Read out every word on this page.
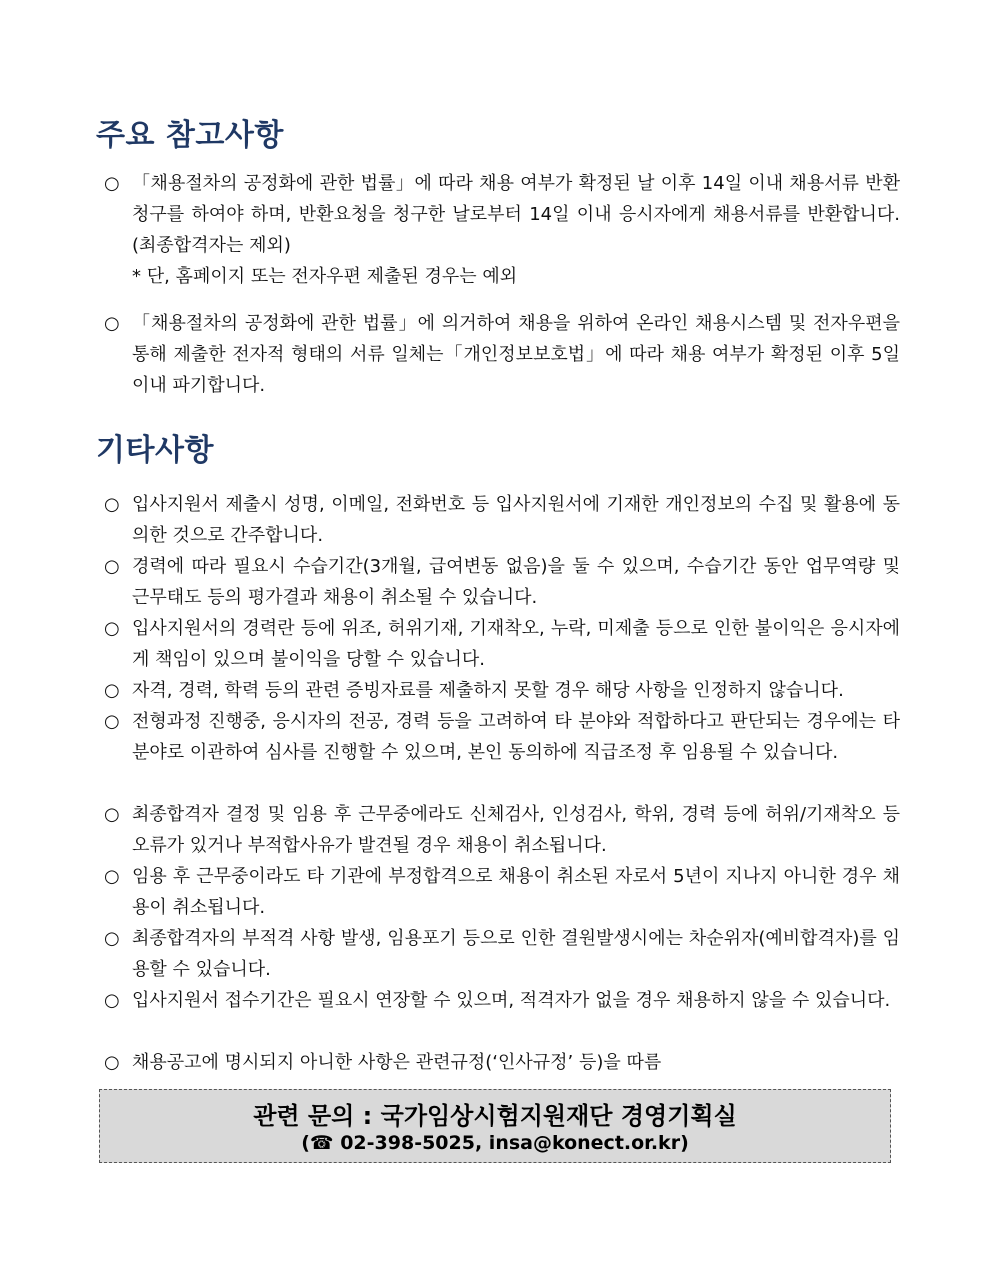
주요 참고사항
○ 「채용절차의 공정화에 관한 법률」에 따라 채용 여부가 확정된 날 이후 14일 이내 채용서류 반환 청구를 하여야 하며, 반환요청을 청구한 날로부터 14일 이내 응시자에게 채용서류를 반환합니다.(최종합격자는 제외)
* 단, 홈페이지 또는 전자우편 제출된 경우는 예외
○ 「채용절차의 공정화에 관한 법률」에 의거하여 채용을 위하여 온라인 채용시스템 및 전자우편을 통해 제출한 전자적 형태의 서류 일체는「개인정보보호법」에 따라 채용 여부가 확정된 이후 5일 이내 파기합니다.
기타사항
○ 입사지원서 제출시 성명, 이메일, 전화번호 등 입사지원서에 기재한 개인정보의 수집 및 활용에 동의한 것으로 간주합니다.
○ 경력에 따라 필요시 수습기간(3개월, 급여변동 없음)을 둘 수 있으며, 수습기간 동안 업무역량 및 근무태도 등의 평가결과 채용이 취소될 수 있습니다.
○ 입사지원서의 경력란 등에 위조, 허위기재, 기재착오, 누락, 미제출 등으로 인한 불이익은 응시자에게 책임이 있으며 불이익을 당할 수 있습니다.
○ 자격, 경력, 학력 등의 관련 증빙자료를 제출하지 못할 경우 해당 사항을 인정하지 않습니다.
○ 전형과정 진행중, 응시자의 전공, 경력 등을 고려하여 타 분야와 적합하다고 판단되는 경우에는 타 분야로 이관하여 심사를 진행할 수 있으며, 본인 동의하에 직급조정 후 임용될 수 있습니다.
○ 최종합격자 결정 및 임용 후 근무중에라도 신체검사, 인성검사, 학위, 경력 등에 허위/기재착오 등 오류가 있거나 부적합사유가 발견될 경우 채용이 취소됩니다.
○ 임용 후 근무중이라도 타 기관에 부정합격으로 채용이 취소된 자로서 5년이 지나지 아니한 경우 채용이 취소됩니다.
○ 최종합격자의 부적격 사항 발생, 임용포기 등으로 인한 결원발생시에는 차순위자(예비합격자)를 임용할 수 있습니다.
○ 입사지원서 접수기간은 필요시 연장할 수 있으며, 적격자가 없을 경우 채용하지 않을 수 있습니다.
○ 채용공고에 명시되지 아니한 사항은 관련규정(‘인사규정’ 등)을 따름
관련 문의 : 국가임상시험지원재단 경영기획실
(☎ 02-398-5025, insa@konect.or.kr)
